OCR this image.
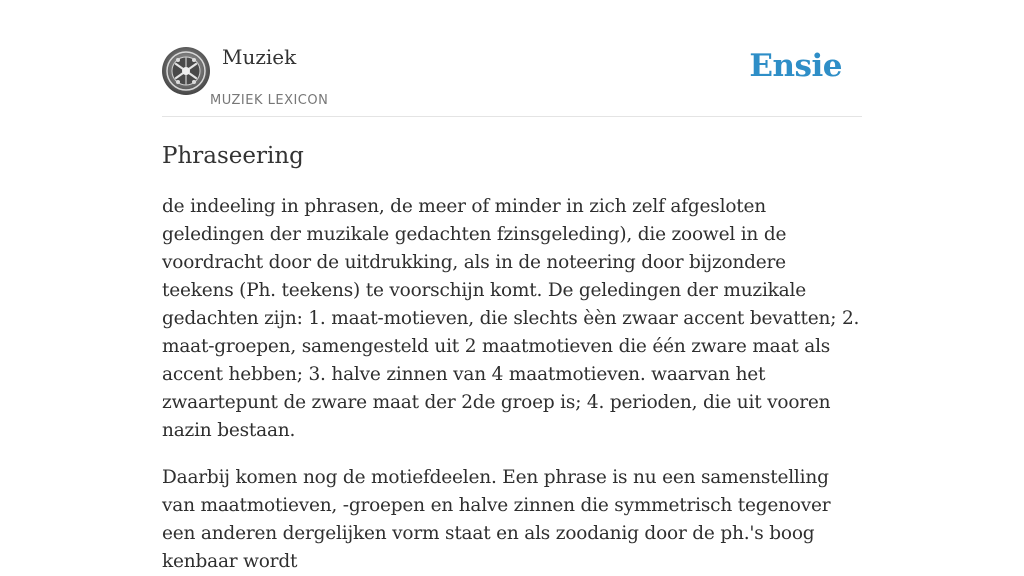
Muziek
MUZIEK LEXICON
Ensie
Phraseering

de indeeling in phrasen, de meer of minder in zich zelf afgesloten geledingen der muzikale gedachten fzinsgeleding), die zoowel in de voordracht door de uitdrukking, als in de noteering door bijzondere teekens (Ph. teekens) te voorschijn komt. De geledingen der muzikale gedachten zijn: 1. maat-motieven, die slechts èèn zwaar accent bevatten; 2. maat-groepen, samengesteld uit 2 maatmotieven die één zware maat als accent hebben; 3. halve zinnen van 4 maatmotieven. waarvan het zwaartepunt de zware maat der 2de groep is; 4. perioden, die uit vooren nazin bestaan.

Daarbij komen nog de motiefdeelen. Een phrase is nu een samenstelling van maatmotieven, -groepen en halve zinnen die symmetrisch tegenover een anderen dergelijken vorm staat en als zoodanig door de ph.'s boog kenbaar wordt
